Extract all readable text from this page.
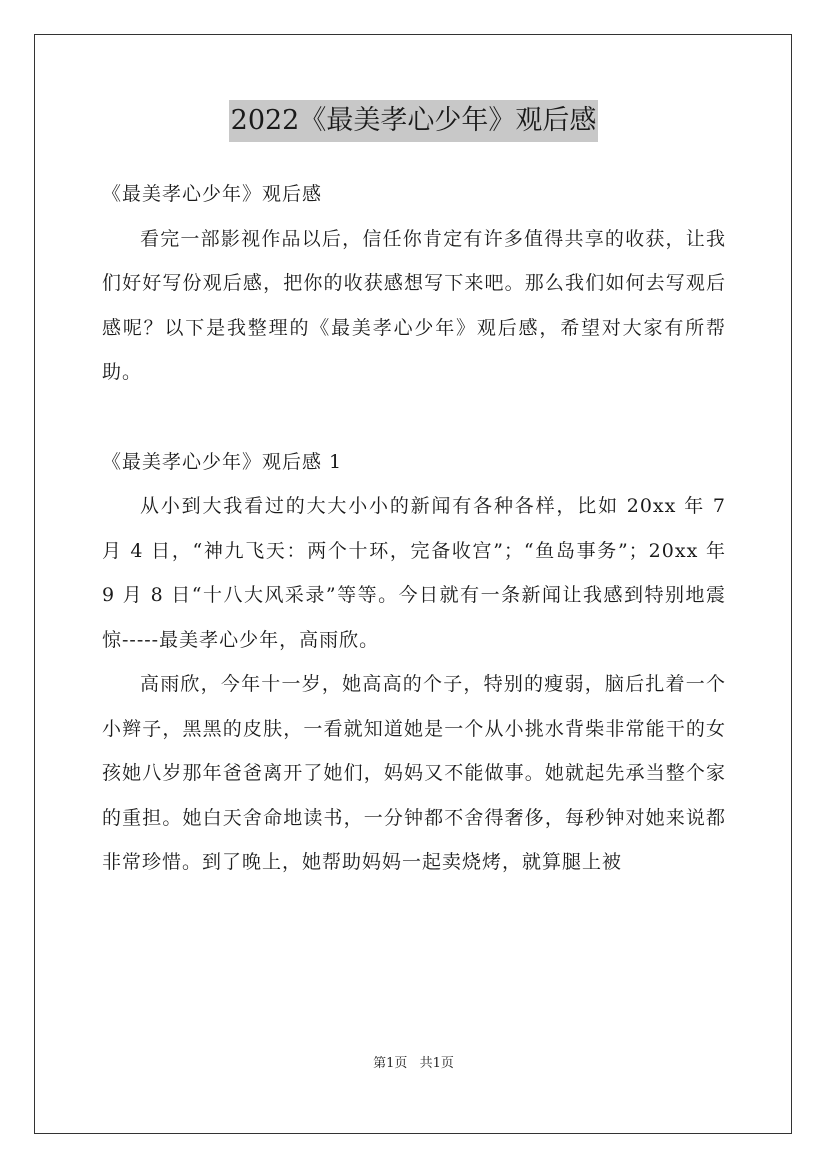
2022《最美孝心少年》观后感

《最美孝心少年》观后感

看完一部影视作品以后，信任你肯定有许多值得共享的收获，让我们好好写份观后感，把你的收获感想写下来吧。那么我们如何去写观后感呢？以下是我整理的《最美孝心少年》观后感，希望对大家有所帮助。

《最美孝心少年》观后感 1

从小到大我看过的大大小小的新闻有各种各样，比如 20xx 年 7 月 4 日，“神九飞天：两个十环，完备收宫”；“鱼岛事务”；20xx 年 9 月 8 日“十八大风采录”等等。今日就有一条新闻让我感到特别地震惊-----最美孝心少年，高雨欣。

高雨欣，今年十一岁，她高高的个子，特别的瘦弱，脑后扎着一个小辫子，黑黑的皮肤，一看就知道她是一个从小挑水背柴非常能干的女孩她八岁那年爸爸离开了她们，妈妈又不能做事。她就起先承当整个家的重担。她白天舍命地读书，一分钟都不舍得奢侈，每秒钟对她来说都非常珍惜。到了晚上，她帮助妈妈一起卖烧烤，就算腿上被

第1页 共1页
